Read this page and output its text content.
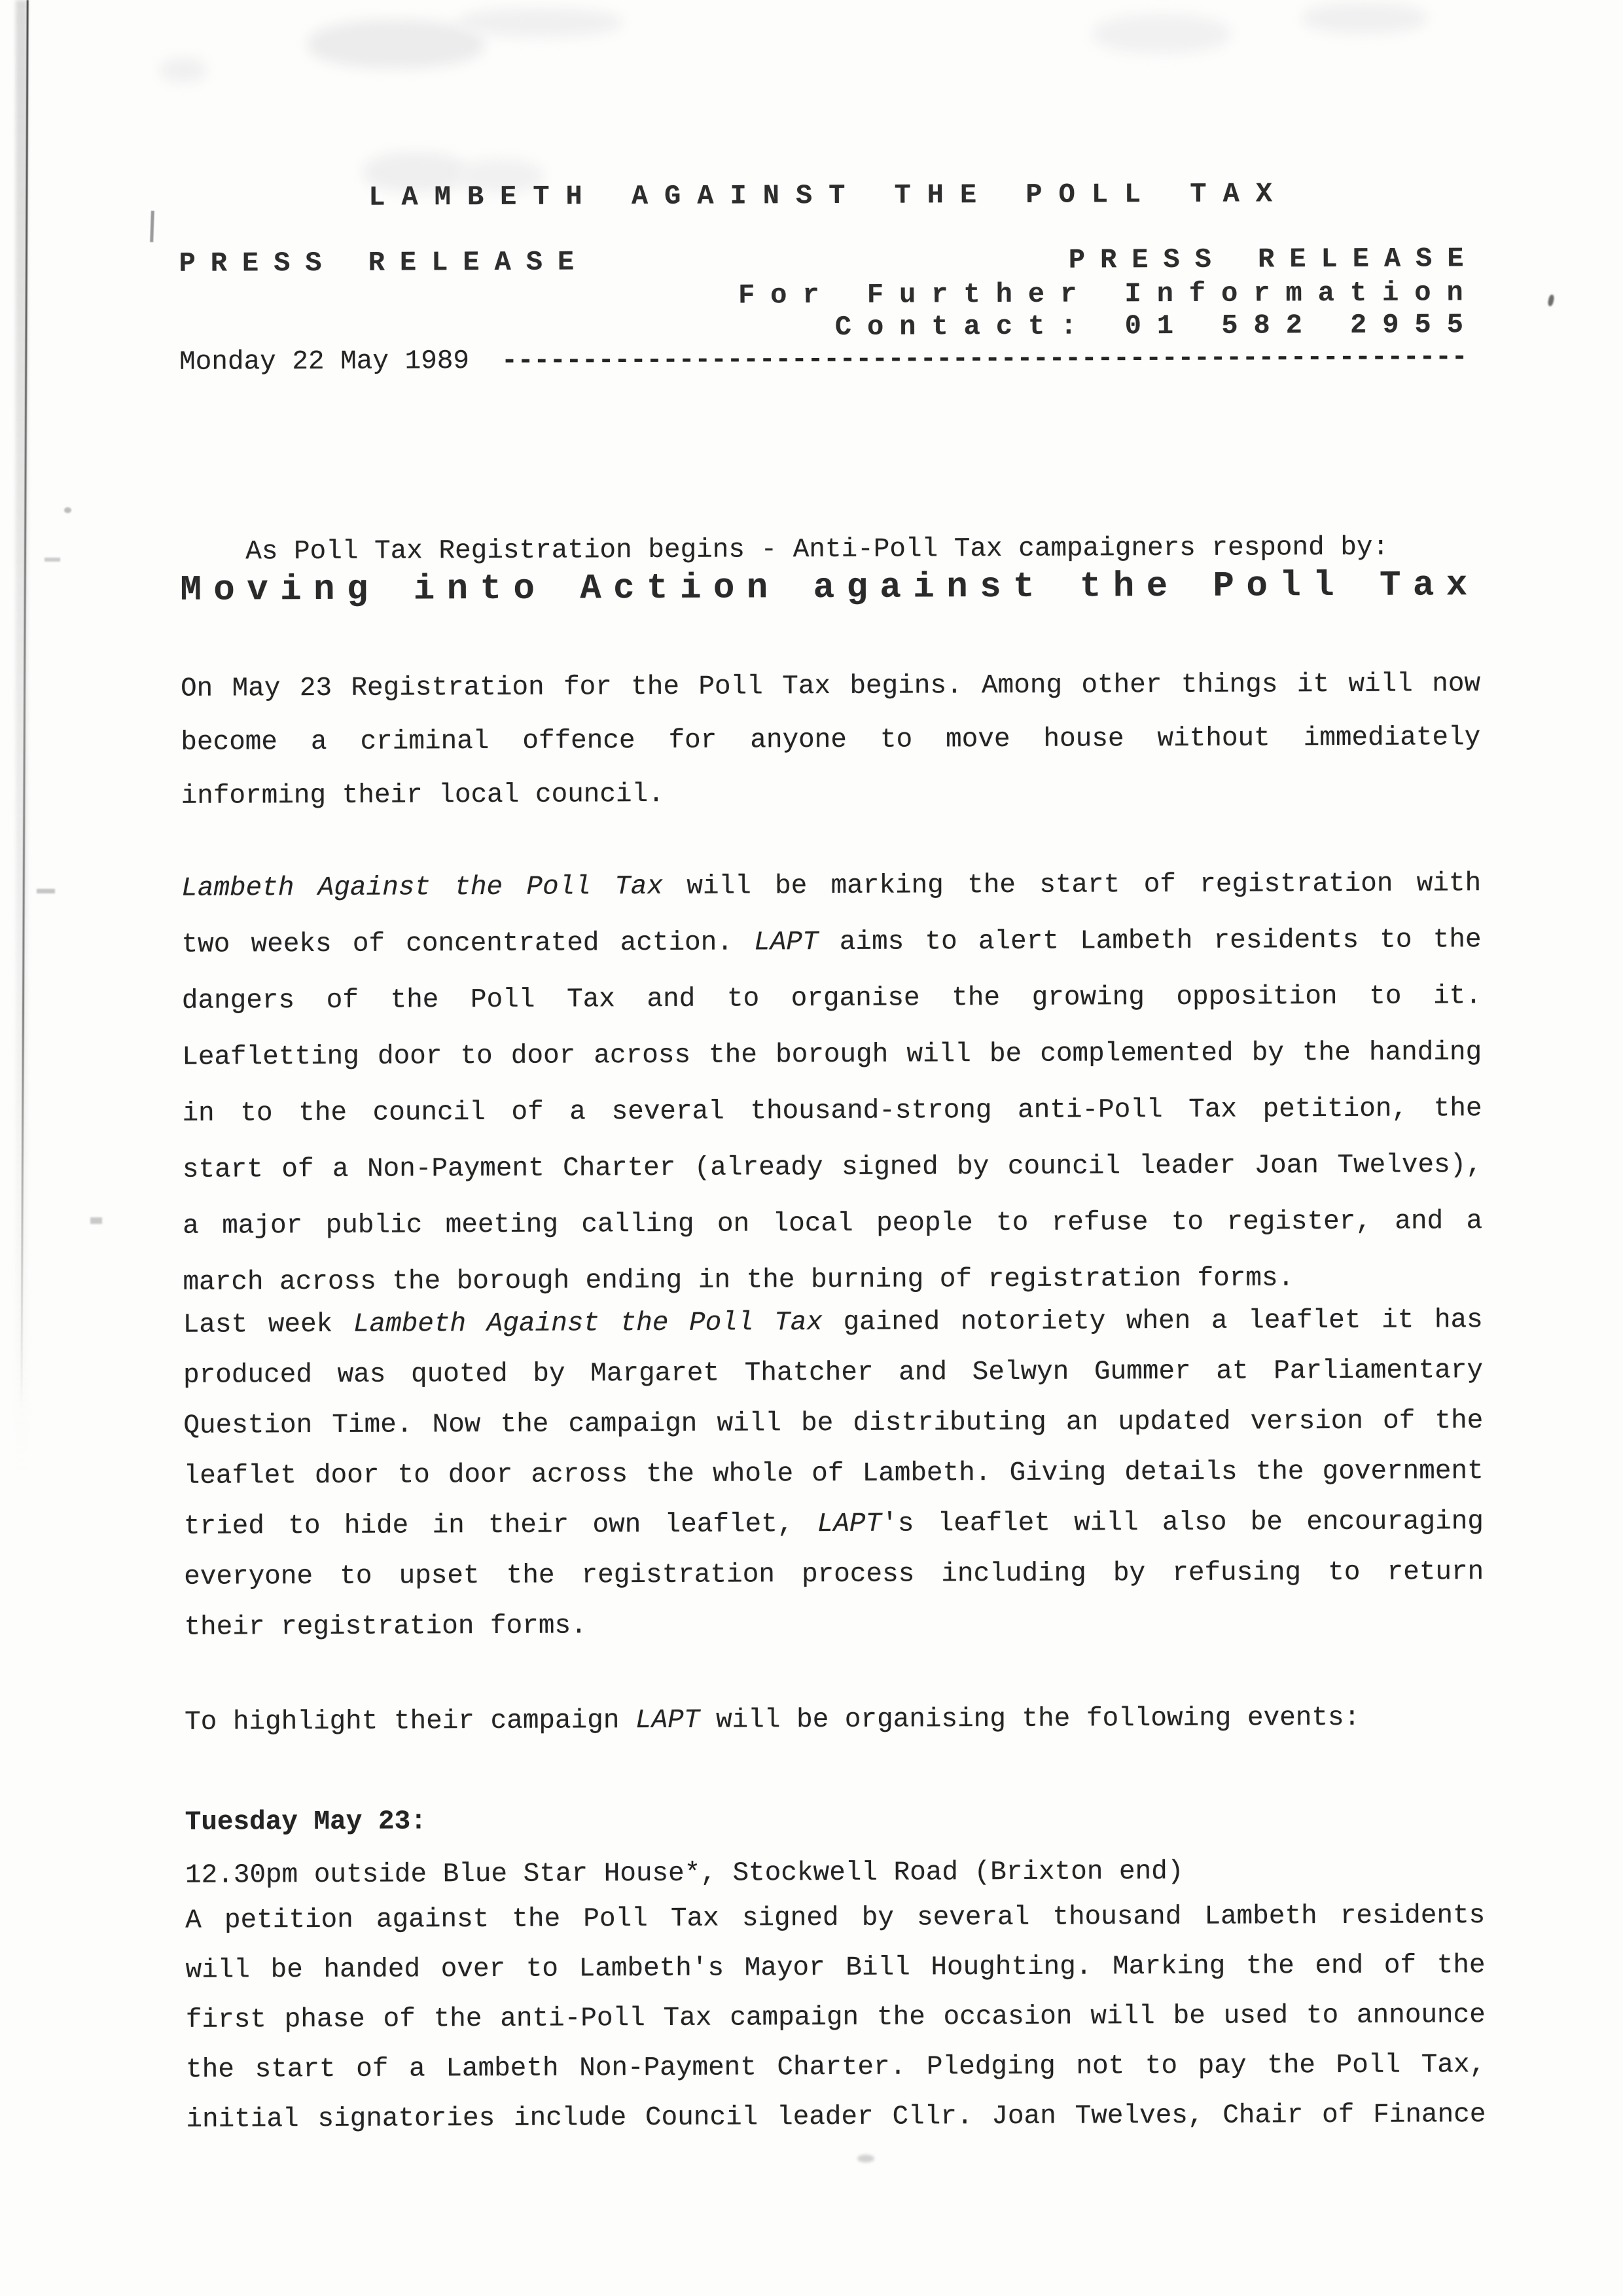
LAMBETH AGAINST THE POLL TAX
PRESS RELEASE	PRESS RELEASE
For Further Information
Contact: 01 582 2955
Monday 22 May 1989 ------------------------------------------------------------
As Poll Tax Registration begins - Anti-Poll Tax campaigners respond by:
Moving into Action against the Poll Tax
On May 23 Registration for the Poll Tax begins. Among other things it will now
become a criminal offence for anyone to move house without immediately
informing their local council.
Lambeth Against the Poll Tax will be marking the start of registration with
two weeks of concentrated action. LAPT aims to alert Lambeth residents to the
dangers of the Poll Tax and to organise the growing opposition to it.
Leafletting door to door across the borough will be complemented by the handing
in to the council of a several thousand-strong anti-Poll Tax petition, the
start of a Non-Payment Charter (already signed by council leader Joan Twelves),
a major public meeting calling on local people to refuse to register, and a
march across the borough ending in the burning of registration forms.
Last week Lambeth Against the Poll Tax gained notoriety when a leaflet it has
produced was quoted by Margaret Thatcher and Selwyn Gummer at Parliamentary
Question Time. Now the campaign will be distributing an updated version of the
leaflet door to door across the whole of Lambeth. Giving details the government
tried to hide in their own leaflet, LAPT's leaflet will also be encouraging
everyone to upset the registration process including by refusing to return
their registration forms.
To highlight their campaign LAPT will be organising the following events:
Tuesday May 23:
12.30pm outside Blue Star House*, Stockwell Road (Brixton end)
A petition against the Poll Tax signed by several thousand Lambeth residents
will be handed over to Lambeth's Mayor Bill Houghting. Marking the end of the
first phase of the anti-Poll Tax campaign the occasion will be used to announce
the start of a Lambeth Non-Payment Charter. Pledging not to pay the Poll Tax,
initial signatories include Council leader Cllr. Joan Twelves, Chair of Finance
